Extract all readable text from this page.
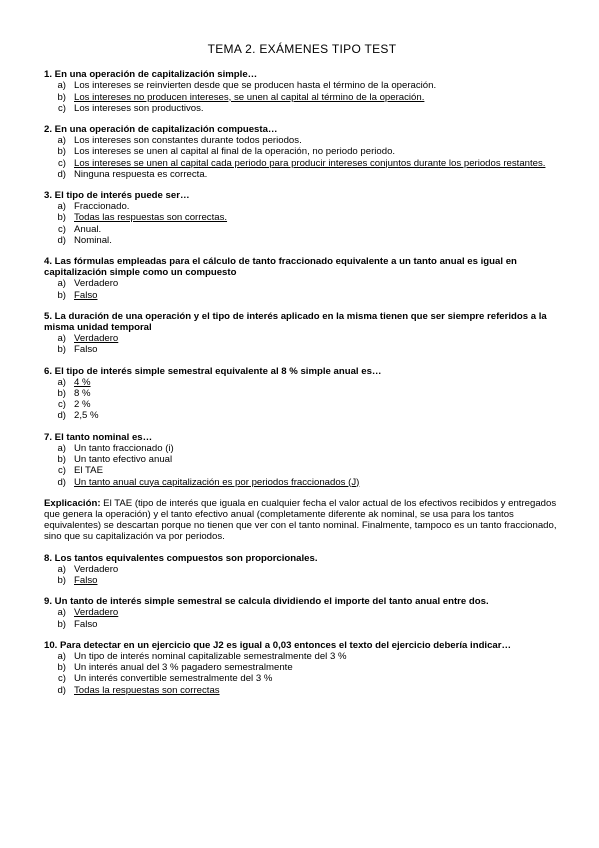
TEMA 2. EXÁMENES TIPO TEST
1. En una operación de capitalización simple…
a) Los intereses se reinvierten desde que se producen hasta el término de la operación.
b) Los intereses no producen intereses, se unen al capital al término de la operación.
c) Los intereses son productivos.
2. En una operación de capitalización compuesta…
a) Los intereses son constantes durante todos periodos.
b) Los intereses se unen al capital al final de la operación, no periodo periodo.
c) Los intereses se unen al capital cada periodo para producir intereses conjuntos durante los periodos restantes.
d) Ninguna respuesta es correcta.
3. El tipo de interés puede ser…
a) Fraccionado.
b) Todas las respuestas son correctas.
c) Anual.
d) Nominal.
4. Las fórmulas empleadas para el cálculo de tanto fraccionado equivalente a un tanto anual es igual en capitalización simple como un compuesto
a) Verdadero
b) Falso
5. La duración de una operación y el tipo de interés aplicado en la misma tienen que ser siempre referidos a la misma unidad temporal
a) Verdadero
b) Falso
6. El tipo de interés simple semestral equivalente al 8 % simple anual es…
a) 4 %
b) 8 %
c) 2 %
d) 2,5 %
7. El tanto nominal es…
a) Un tanto fraccionado (i)
b) Un tanto efectivo anual
c) El TAE
d) Un tanto anual cuya capitalización es por periodos fraccionados (J)
Explicación: El TAE (tipo de interés que iguala en cualquier fecha el valor actual de los efectivos recibidos y entregados que genera la operación) y el tanto efectivo anual (completamente diferente ak nominal, se usa para los tantos equivalentes) se descartan porque no tienen que ver con el tanto nominal. Finalmente, tampoco es un tanto fraccionado, sino que su capitalización va por periodos.
8. Los tantos equivalentes compuestos son proporcionales.
a) Verdadero
b) Falso
9. Un tanto de interés simple semestral se calcula dividiendo el importe del tanto anual entre dos.
a) Verdadero
b) Falso
10. Para detectar en un ejercicio que J2 es igual a 0,03 entonces el texto del ejercicio debería indicar…
a) Un tipo de interés nominal capitalizable semestralmente del 3 %
b) Un interés anual del 3 % pagadero semestralmente
c) Un interés convertible semestralmente del 3 %
d) Todas la respuestas son correctas
